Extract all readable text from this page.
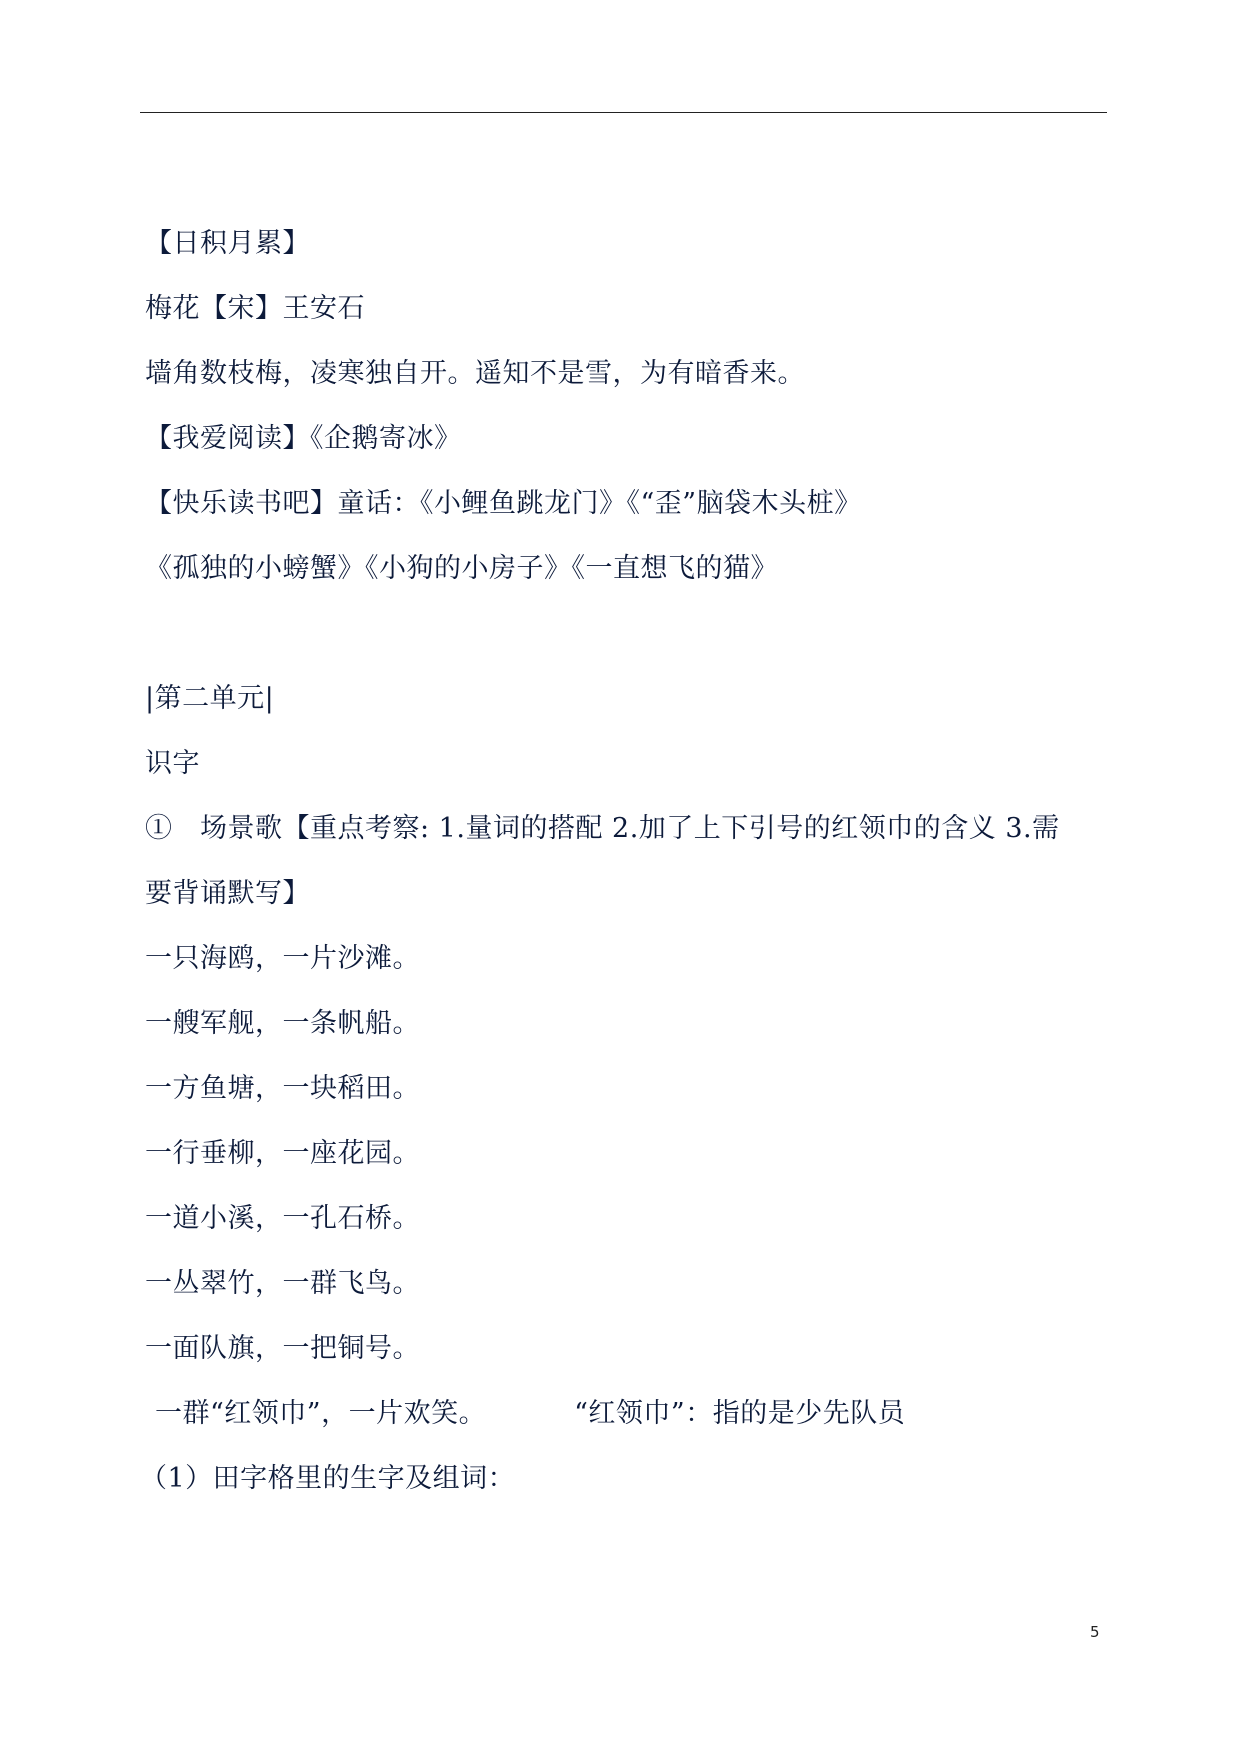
【日积月累】
梅花【宋】王安石
墙角数枝梅，凌寒独自开。遥知不是雪，为有暗香来。
【我爱阅读】《企鹅寄冰》
【快乐读书吧】童话：《小鲤鱼跳龙门》《“歪”脑袋木头桩》
《孤独的小螃蟹》《小狗的小房子》《一直想飞的猫》
|第二单元|
识字
①　场景歌【重点考察: 1.量词的搭配 2.加了上下引号的红领巾的含义 3.需
要背诵默写】
一只海鸥，一片沙滩。
一艘军舰，一条帆船。
一方鱼塘，一块稻田。
一行垂柳，一座花园。
一道小溪，一孔石桥。
一丛翠竹，一群飞鸟。
一面队旗，一把铜号。
一群“红领巾”，一片欢笑。	“红领巾”：指的是少先队员
（1）田字格里的生字及组词：
5
